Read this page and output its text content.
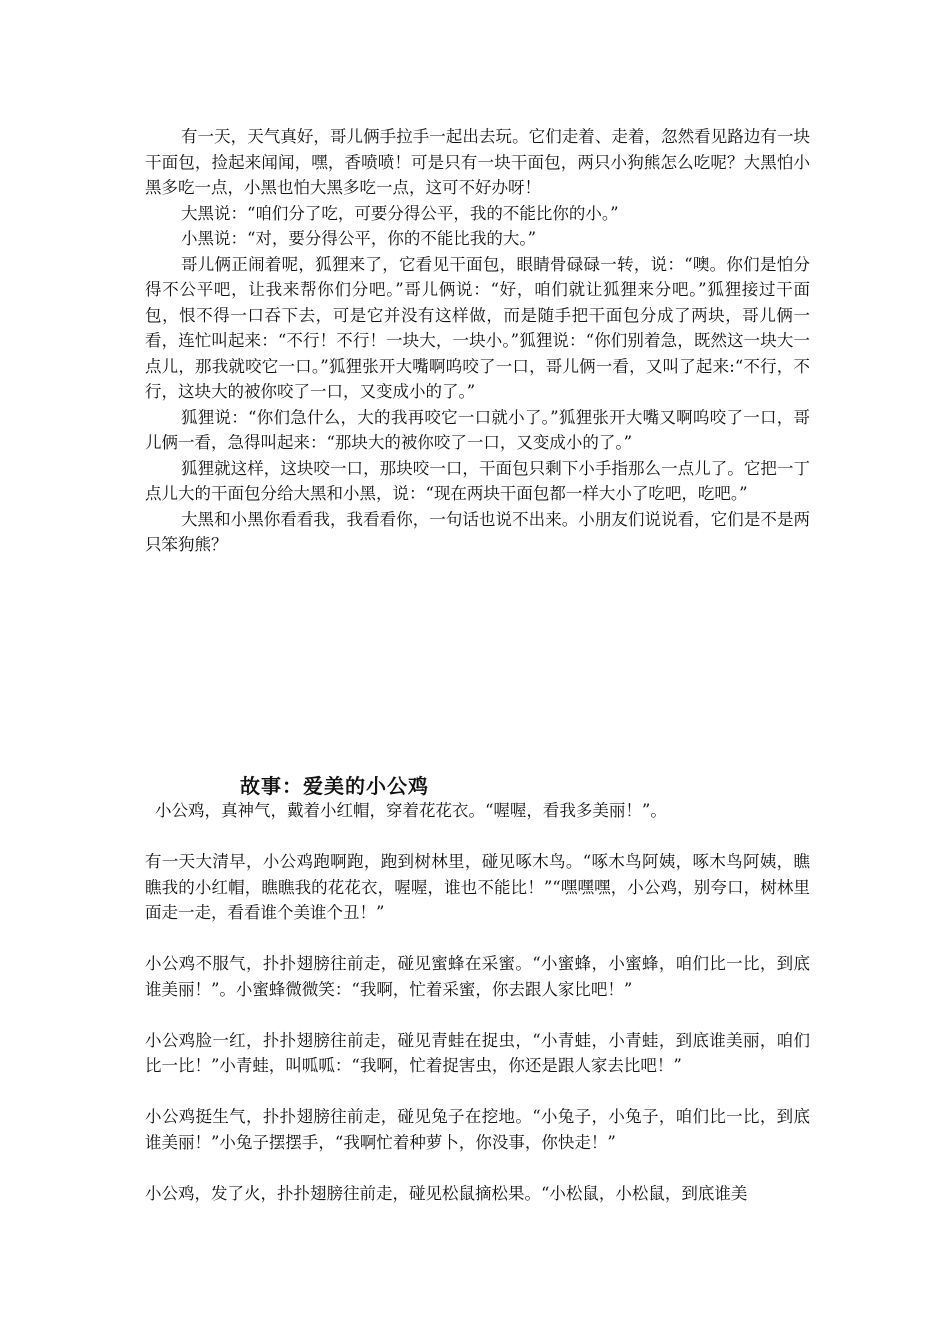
有一天，天气真好，哥儿俩手拉手一起出去玩。它们走着、走着，忽然看见路边有一块干面包，捡起来闻闻，嘿，香喷喷！可是只有一块干面包，两只小狗熊怎么吃呢？大黑怕小黑多吃一点，小黑也怕大黑多吃一点，这可不好办呀！

大黑说：“咱们分了吃，可要分得公平，我的不能比你的小。”

小黑说：“对，要分得公平，你的不能比我的大。”

哥儿俩正闹着呢，狐狸来了，它看见干面包，眼睛骨碌碌一转，说：“噢。你们是怕分得不公平吧，让我来帮你们分吧。”哥儿俩说：“好，咱们就让狐狸来分吧。”狐狸接过干面包，恨不得一口吞下去，可是它并没有这样做，而是随手把干面包分成了两块，哥儿俩一看，连忙叫起来：“不行！不行！一块大，一块小。”狐狸说：“你们别着急，既然这一块大一点儿，那我就咬它一口。”狐狸张开大嘴啊呜咬了一口，哥儿俩一看，又叫了起来:“不行，不行，这块大的被你咬了一口，又变成小的了。”

狐狸说：“你们急什么，大的我再咬它一口就小了。”狐狸张开大嘴又啊呜咬了一口，哥儿俩一看，急得叫起来：“那块大的被你咬了一口，又变成小的了。”

狐狸就这样，这块咬一口，那块咬一口，干面包只剩下小手指那么一点儿了。它把一丁点儿大的干面包分给大黑和小黑，说：“现在两块干面包都一样大小了吃吧，吃吧。”

大黑和小黑你看看我，我看看你，一句话也说不出来。小朋友们说说看，它们是不是两只笨狗熊？

故事：爱美的小公鸡

小公鸡，真神气，戴着小红帽，穿着花花衣。“喔喔，看我多美丽！”。

有一天大清早，小公鸡跑啊跑，跑到树林里，碰见啄木鸟。“啄木鸟阿姨，啄木鸟阿姨，瞧瞧我的小红帽，瞧瞧我的花花衣，喔喔，谁也不能比！”“嘿嘿嘿，小公鸡，别夸口，树林里面走一走，看看谁个美谁个丑！”

小公鸡不服气，扑扑翅膀往前走，碰见蜜蜂在采蜜。“小蜜蜂，小蜜蜂，咱们比一比，到底谁美丽！”。小蜜蜂微微笑：“我啊，忙着采蜜，你去跟人家比吧！”

小公鸡脸一红，扑扑翅膀往前走，碰见青蛙在捉虫，“小青蛙，小青蛙，到底谁美丽，咱们比一比！”小青蛙，叫呱呱：“我啊，忙着捉害虫，你还是跟人家去比吧！”

小公鸡挺生气，扑扑翅膀往前走，碰见兔子在挖地。“小兔子，小兔子，咱们比一比，到底谁美丽！”小兔子摆摆手，“我啊忙着种萝卜，你没事，你快走！”

小公鸡，发了火，扑扑翅膀往前走，碰见松鼠摘松果。“小松鼠，小松鼠，到底谁美
